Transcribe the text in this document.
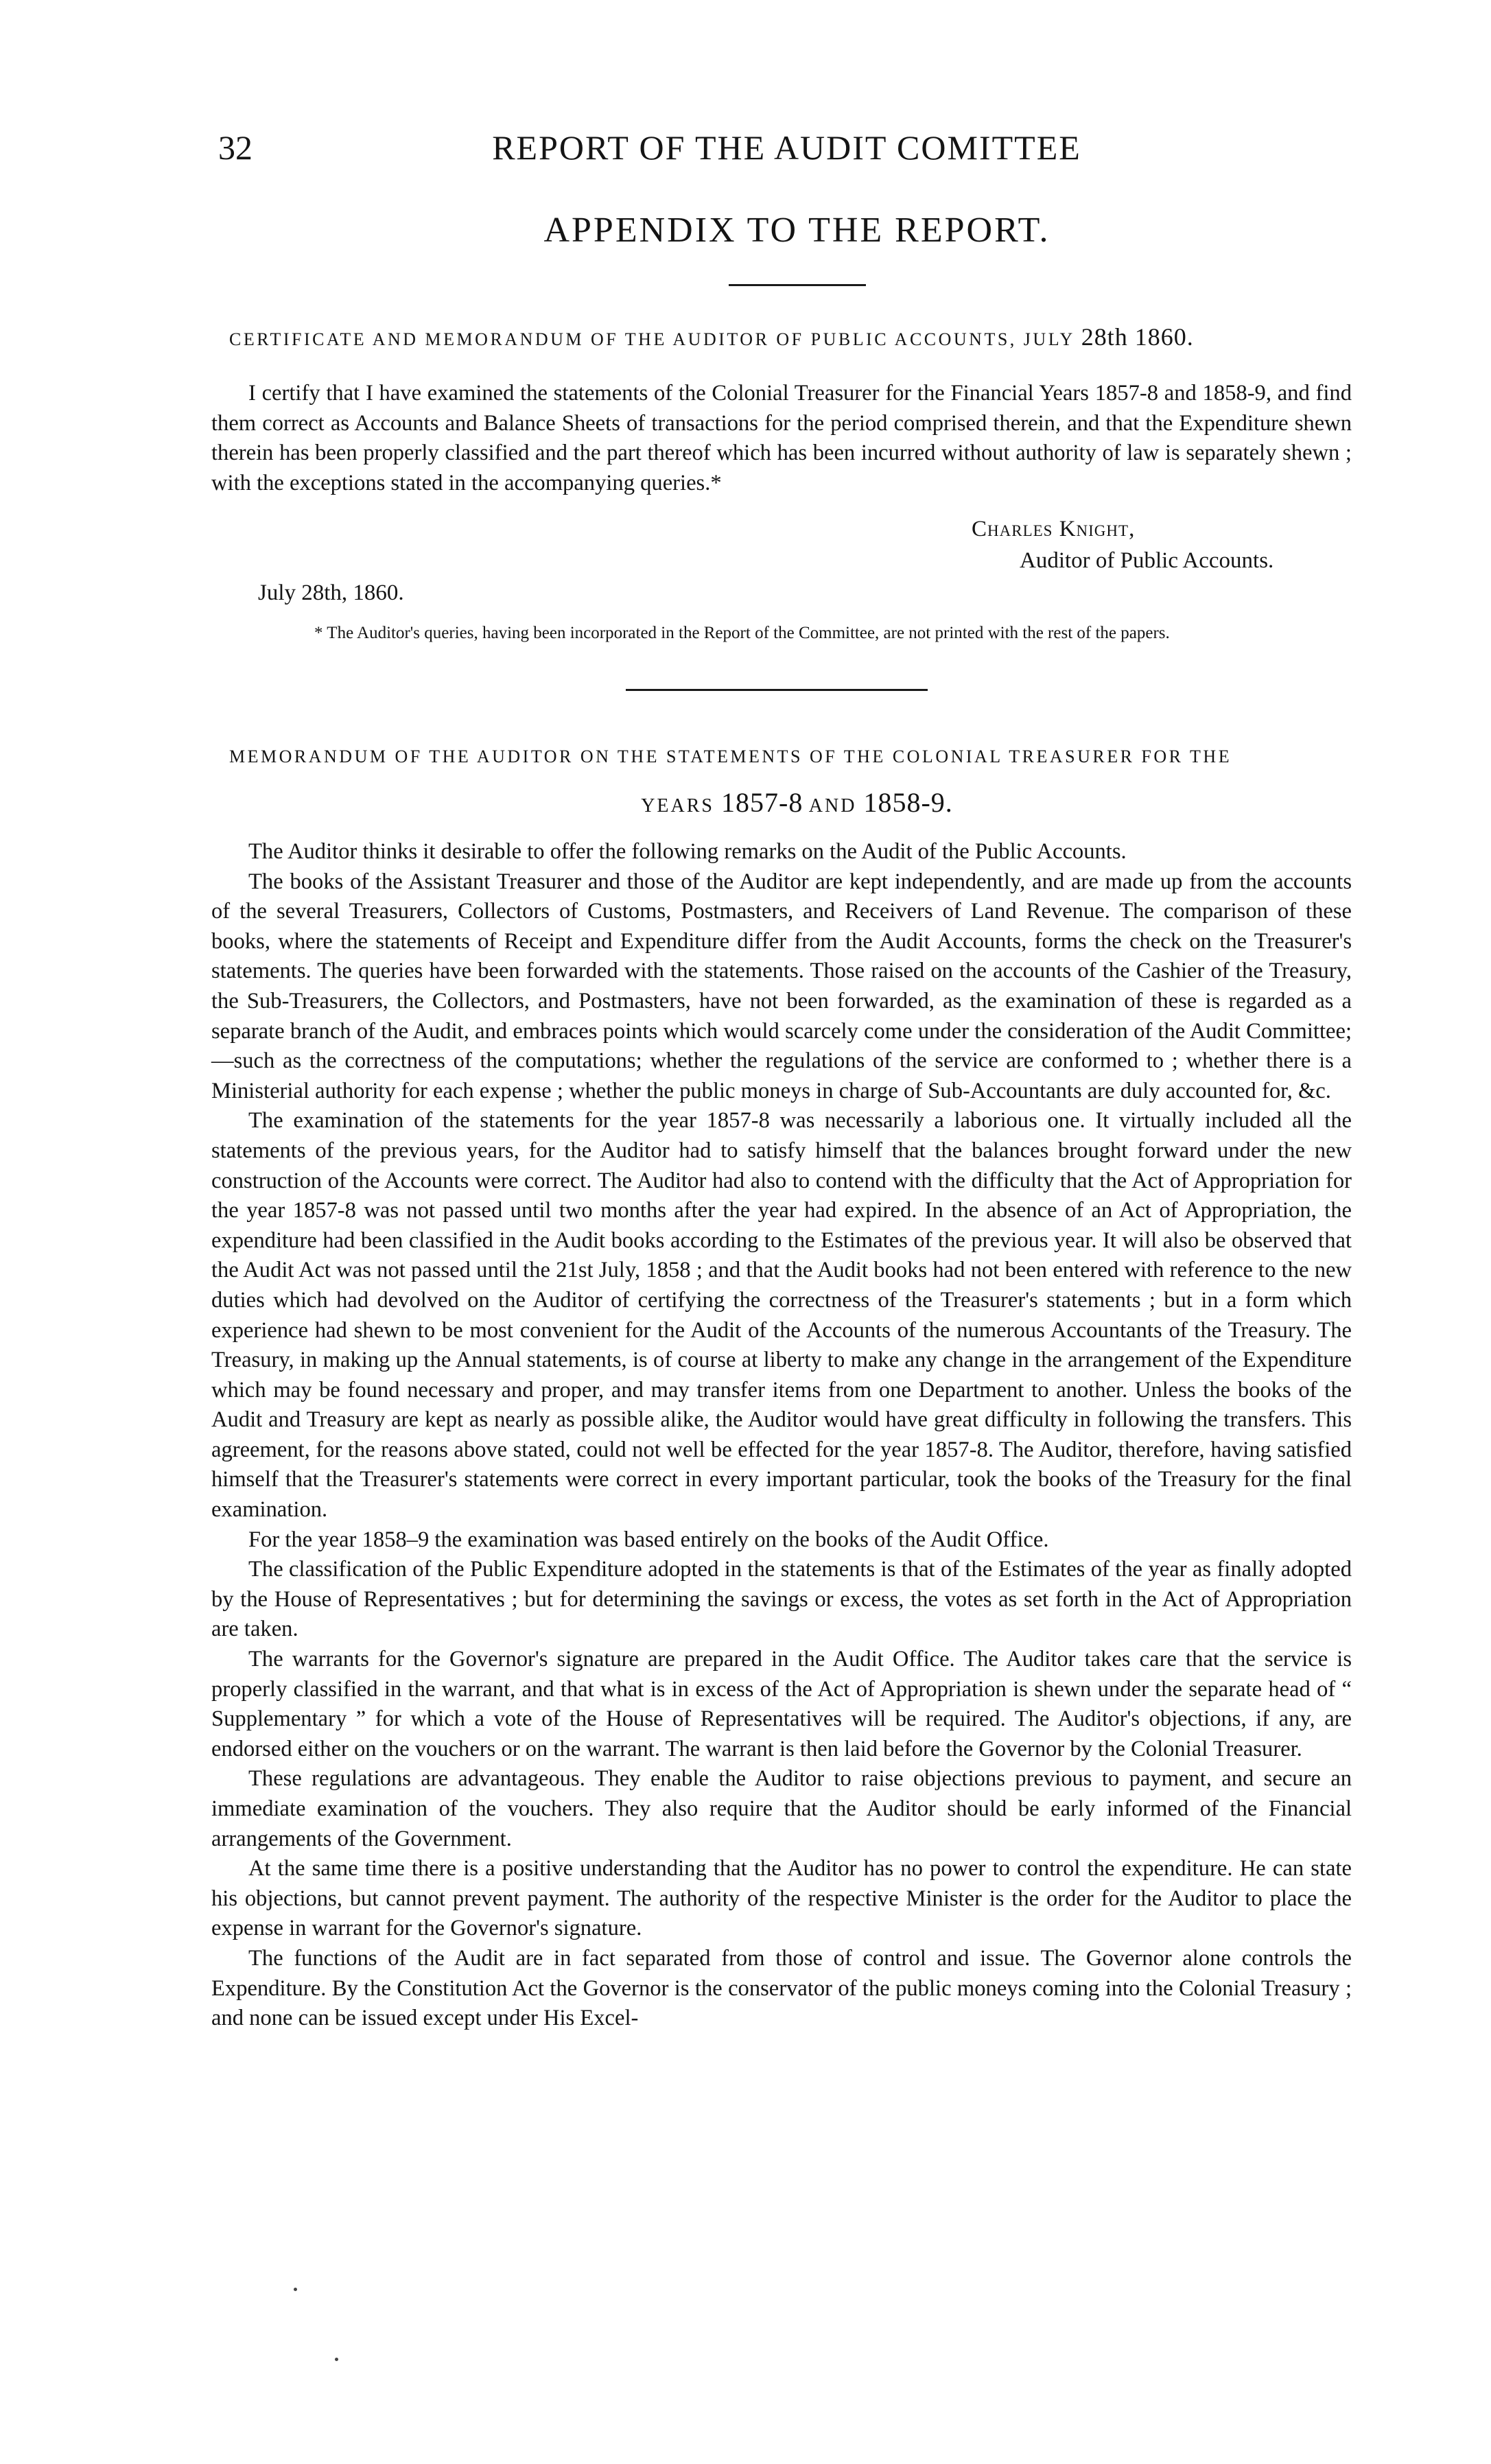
32	REPORT OF THE AUDIT COMITTEE
APPENDIX TO THE REPORT.
CERTIFICATE AND MEMORANDUM OF THE AUDITOR OF PUBLIC ACCOUNTS, JULY 28th 1860.

I certify that I have examined the statements of the Colonial Treasurer for the Financial Years 1857-8 and 1858-9, and find them correct as Accounts and Balance Sheets of transactions for the period comprised therein, and that the Expenditure shewn therein has been properly classified and the part thereof which has been incurred without authority of law is separately shewn ; with the exceptions stated in the accompanying queries.*

Charles Knight,
Auditor of Public Accounts.
July 28th, 1860.
* The Auditor's queries, having been incorporated in the Report of the Committee, are not printed with the rest of the papers.
MEMORANDUM OF THE AUDITOR ON THE STATEMENTS OF THE COLONIAL TREASURER FOR THE
YEARS 1857-8 AND 1858-9.

The Auditor thinks it desirable to offer the following remarks on the Audit of the Public Accounts.

The books of the Assistant Treasurer and those of the Auditor are kept independently, and are made up from the accounts of the several Treasurers, Collectors of Customs, Postmasters, and Receivers of Land Revenue. The comparison of these books, where the statements of Receipt and Expenditure differ from the Audit Accounts, forms the check on the Treasurer's statements. The queries have been forwarded with the statements. Those raised on the accounts of the Cashier of the Treasury, the Sub-Treasurers, the Collectors, and Postmasters, have not been forwarded, as the examination of these is regarded as a separate branch of the Audit, and embraces points which would scarcely come under the consideration of the Audit Committee;—such as the correctness of the computations; whether the regulations of the service are conformed to ; whether there is a Ministerial authority for each expense ; whether the public moneys in charge of Sub-Accountants are duly accounted for, &c.

The examination of the statements for the year 1857-8 was necessarily a laborious one. It virtually included all the statements of the previous years, for the Auditor had to satisfy himself that the balances brought forward under the new construction of the Accounts were correct. The Auditor had also to contend with the difficulty that the Act of Appropriation for the year 1857-8 was not passed until two months after the year had expired. In the absence of an Act of Appropriation, the expenditure had been classified in the Audit books according to the Estimates of the previous year. It will also be observed that the Audit Act was not passed until the 21st July, 1858 ; and that the Audit books had not been entered with reference to the new duties which had devolved on the Auditor of certifying the correctness of the Treasurer's statements ; but in a form which experience had shewn to be most convenient for the Audit of the Accounts of the numerous Accountants of the Treasury. The Treasury, in making up the Annual statements, is of course at liberty to make any change in the arrangement of the Expenditure which may be found necessary and proper, and may transfer items from one Department to another. Unless the books of the Audit and Treasury are kept as nearly as possible alike, the Auditor would have great difficulty in following the transfers. This agreement, for the reasons above stated, could not well be effected for the year 1857-8. The Auditor, therefore, having satisfied himself that the Treasurer's statements were correct in every important particular, took the books of the Treasury for the final examination.

For the year 1858–9 the examination was based entirely on the books of the Audit Office.

The classification of the Public Expenditure adopted in the statements is that of the Estimates of the year as finally adopted by the House of Representatives ; but for determining the savings or excess, the votes as set forth in the Act of Appropriation are taken.

The warrants for the Governor's signature are prepared in the Audit Office. The Auditor takes care that the service is properly classified in the warrant, and that what is in excess of the Act of Appropriation is shewn under the separate head of “ Supplementary ” for which a vote of the House of Representatives will be required. The Auditor's objections, if any, are endorsed either on the vouchers or on the warrant. The warrant is then laid before the Governor by the Colonial Treasurer.

These regulations are advantageous. They enable the Auditor to raise objections previous to payment, and secure an immediate examination of the vouchers. They also require that the Auditor should be early informed of the Financial arrangements of the Government.

At the same time there is a positive understanding that the Auditor has no power to control the expenditure. He can state his objections, but cannot prevent payment. The authority of the respective Minister is the order for the Auditor to place the expense in warrant for the Governor's signature.

The functions of the Audit are in fact separated from those of control and issue. The Governor alone controls the Expenditure. By the Constitution Act the Governor is the conservator of the public moneys coming into the Colonial Treasury ; and none can be issued except under His Excel-
